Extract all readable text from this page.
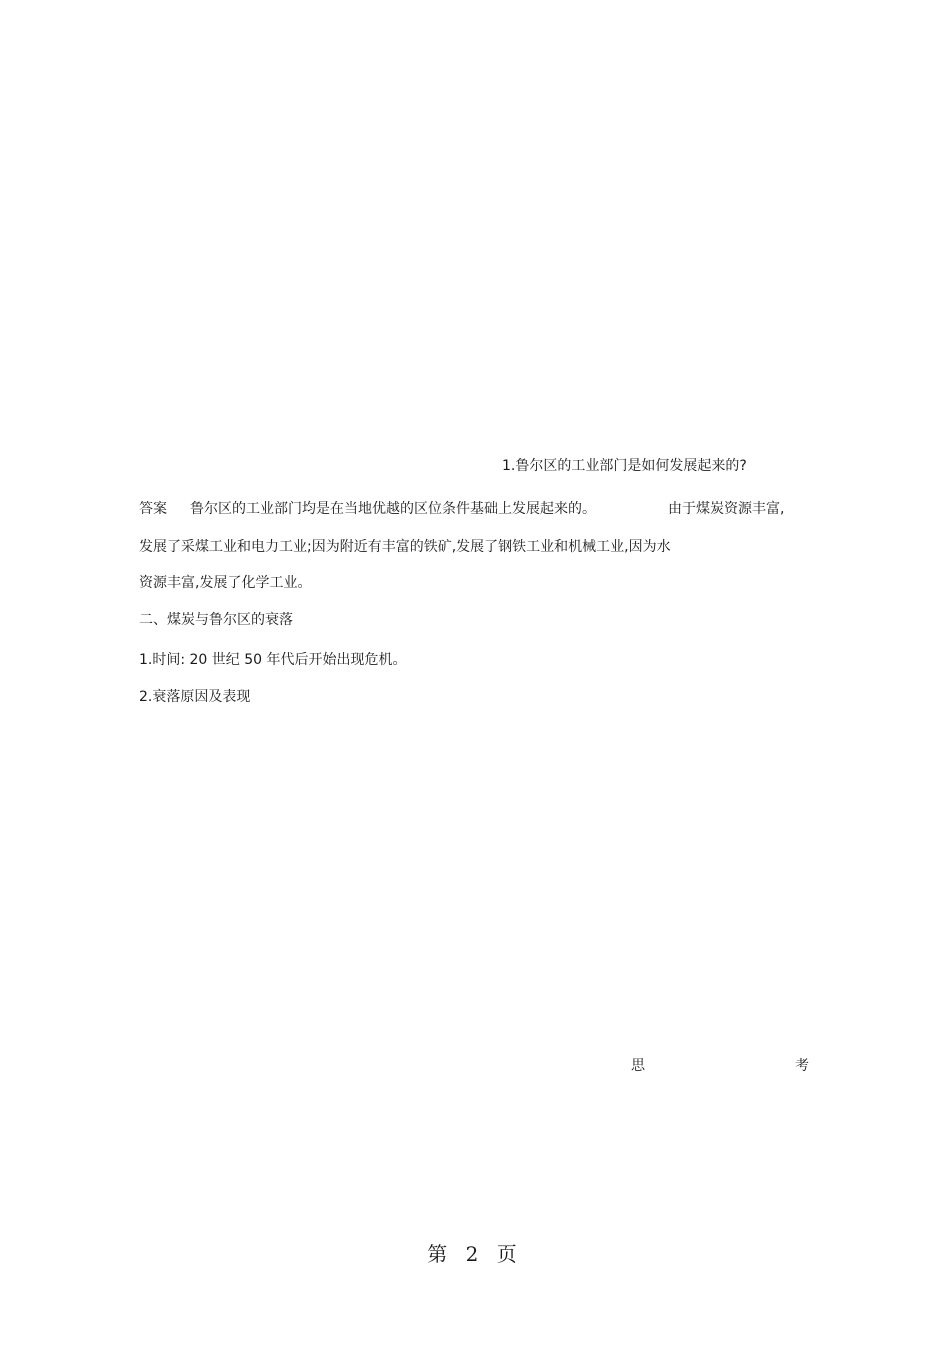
1.鲁尔区的工业部门是如何发展起来的?
答案 鲁尔区的工业部门均是在当地优越的区位条件基础上发展起来的。	由于煤炭资源丰富,
发展了采煤工业和电力工业;因为附近有丰富的铁矿,发展了钢铁工业和机械工业,因为水
资源丰富,发展了化学工业。
二、煤炭与鲁尔区的衰落
1.时间: 20 世纪 50 年代后开始出现危机。
2.衰落原因及表现
思	考
第 2 页
